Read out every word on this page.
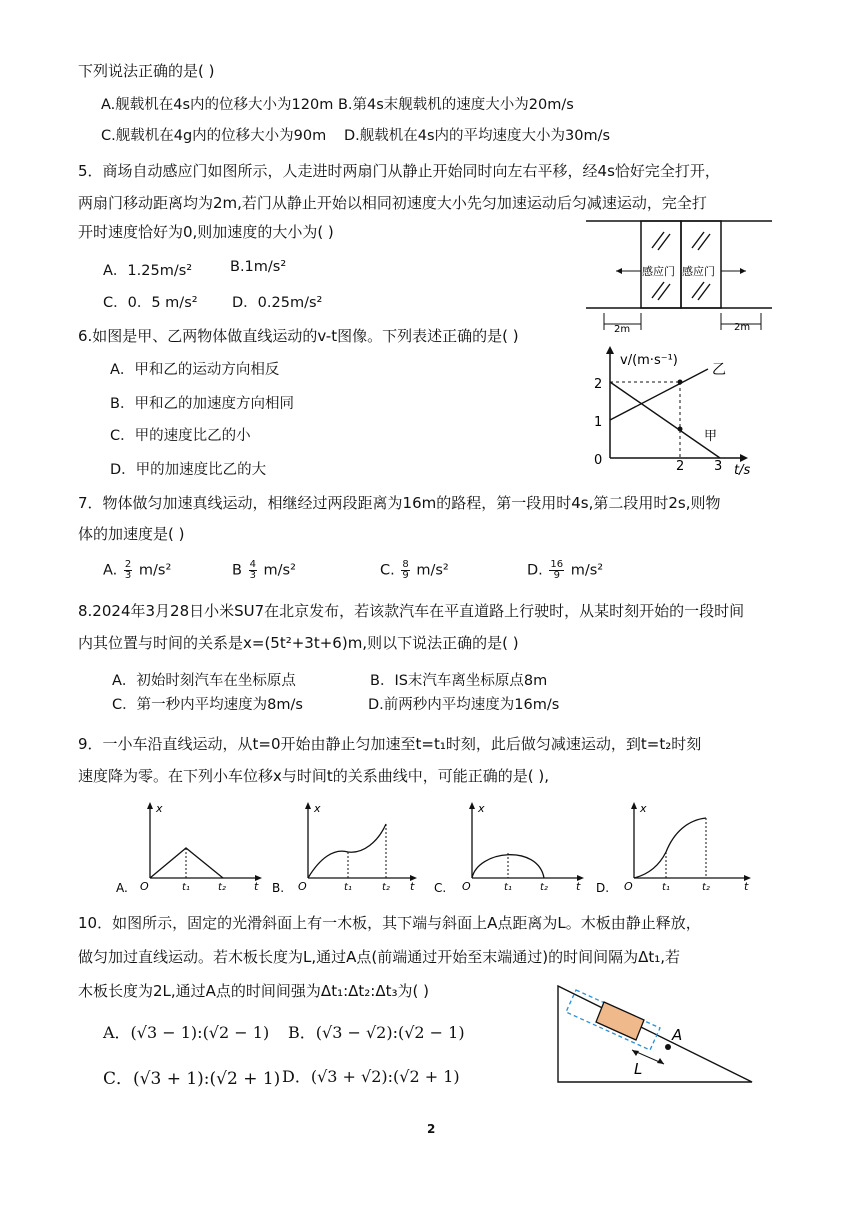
下列说法正确的是( )
A.舰载机在4s内的位移大小为120m B.第4s末舰载机的速度大小为20m/s
C.舰载机在4g内的位移大小为90m D.舰载机在4s内的平均速度大小为30m/s
5．商场自动感应门如图所示，人走进时两扇门从静止开始同时向左右平移，经4s恰好完全打开，
两扇门移动距离均为2m,若门从静止开始以相同初速度大小先匀加速运动后匀减速运动，完全打
开时速度恰好为0,则加速度的大小为( )
A．1.25m/s²	B.1m/s²
C．0．5 m/s² D．0.25m/s²
感应门 感应门
2m	2m
6.如图是甲、乙两物体做直线运动的v-t图像。下列表述正确的是( )
A．甲和乙的运动方向相反
B．甲和乙的加速度方向相同
C．甲的速度比乙的小
D．甲的加速度比乙的大
v/(m·s⁻¹)
t/s
2
1
0	2 3
乙
甲
7．物体做匀加速真线运动，相继经过两段距离为16m的路程，第一段用时4s,第二段用时2s,则物
体的加速度是( )
A. $\frac{2}{3} m/s^2$	B $\frac{4}{3} m/s^2$	C. $\frac{8}{9} m/s^2$	D. $\frac{16}{9} m/s^2$
8.2024年3月28日小米SU7在北京发布，若该款汽车在平直道路上行驶时，从某时刻开始的一段时间
内其位置与时间的关系是x=(5t²+3t+6)m,则以下说法正确的是( )
A．初始时刻汽车在坐标原点	B．IS末汽车离坐标原点8m
C．第一秒内平均速度为8m/s	D.前两秒内平均速度为16m/s
9．一小车沿直线运动，从t=0开始由静止匀加速至t=t₁时刻，此后做匀减速运动，到t=t₂时刻
速度降为零。在下列小车位移x与时间t的关系曲线中，可能正确的是( ),
x
t
O	t₁	t₂
A.
x
t
O	t₁	t₂
B.
x
t
O	t₁	t₂
C.
x
t
O	t₁	t₂
D.
10．如图所示，固定的光滑斜面上有一木板，其下端与斜面上A点距离为L。木板由静止释放，
做匀加过直线运动。若木板长度为L,通过A点(前端通过开始至末端通过)的时间间隔为Δt₁,若
木板长度为2L,通过A点的时间间强为Δt₁:Δt₂:Δt₃为( )
A．(√3 − 1):(√2 − 1) B．(√3 − √2):(√2 − 1)
C．(√3 + 1):(√2 + 1) D．(√3 + √2):(√2 + 1)
A
L
2
